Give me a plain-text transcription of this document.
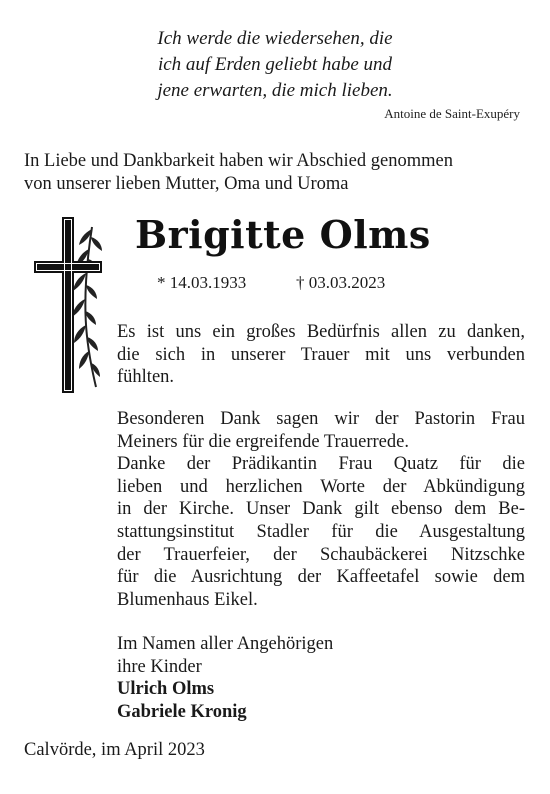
Ich werde die wiedersehen, die
ich auf Erden geliebt habe und
jene erwarten, die mich lieben.
Antoine de Saint-Exupéry
In Liebe und Dankbarkeit haben wir Abschied genommen
von unserer lieben Mutter, Oma und Uroma
Brigitte Olms
* 14.03.1933	† 03.03.2023
Es ist uns ein großes Bedürfnis allen zu danken,
die sich in unserer Trauer mit uns verbunden
fühlten.
Besonderen Dank sagen wir der Pastorin Frau
Meiners für die ergreifende Trauerrede.
Danke der Prädikantin Frau Quatz für die
lieben und herzlichen Worte der Abkündigung
in der Kirche. Unser Dank gilt ebenso dem Be-
stattungsinstitut Stadler für die Ausgestaltung
der Trauerfeier, der Schaubäckerei Nitzschke
für die Ausrichtung der Kaffeetafel sowie dem
Blumenhaus Eikel.
Im Namen aller Angehörigen
ihre Kinder
Ulrich Olms
Gabriele Kronig
Calvörde, im April 2023
